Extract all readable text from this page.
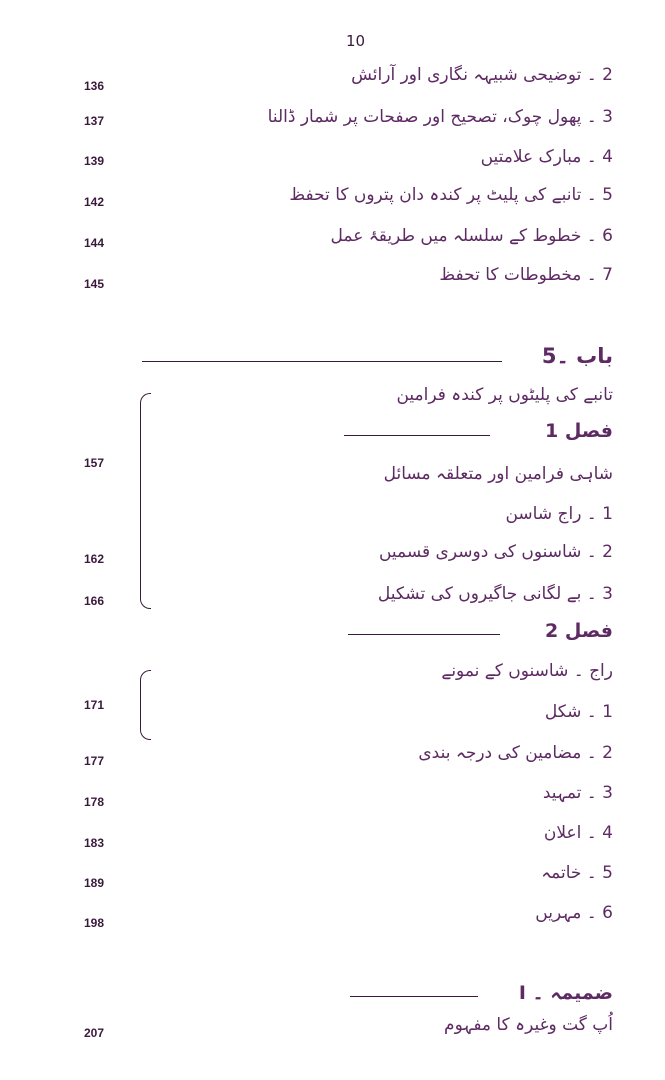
10
2 ۔ توضیحی شبیہہ نگاری اور آرائش
136
3 ۔ پھول چوک، تصحیح اور صفحات پر شمار ڈالنا
137
4 ۔ مبارک علامتیں
139
5 ۔ تانبے کی پلیٹ پر کندہ دان پتروں کا تحفظ
142
6 ۔ خطوط کے سلسلہ میں طریقۂ عمل
144
7 ۔ مخطوطات کا تحفظ
145
باب ۔5
تانبے کی پلیٹوں پر کندہ فرامین
فصل 1
شاہی فرامین اور متعلقہ مسائل
1 ۔ راج شاسن
157
2 ۔ شاسنوں کی دوسری قسمیں
162
3 ۔ بے لگانی جاگیروں کی تشکیل
166
فصل 2
راج ۔ شاسنوں کے نمونے
1 ۔ شکل
171
2 ۔ مضامین کی درجہ بندی
177
3 ۔ تمہید
178
4 ۔ اعلان
183
5 ۔ خاتمہ
189
6 ۔ مہریں
198
ضمیمہ ۔ I
اُپ گت وغیرہ کا مفہوم
207
